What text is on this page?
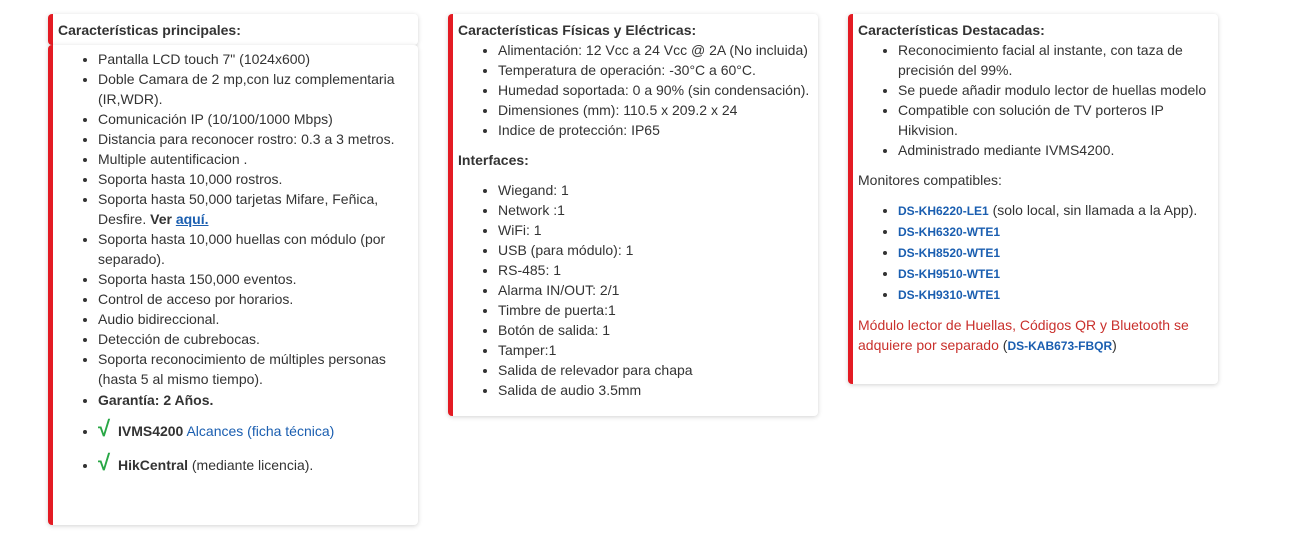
Características principales:
• Pantalla LCD touch 7" (1024x600)
• Doble Camara de 2 mp,con luz complementaria (IR,WDR).
• Comunicación IP (10/100/1000 Mbps)
• Distancia para reconocer rostro: 0.3 a 3 metros.
• Multiple autentificacion .
• Soporta hasta 10,000 rostros.
• Soporta hasta 50,000 tarjetas Mifare, Feñica, Desfire. Ver aquí.
• Soporta hasta 10,000 huellas con módulo (por separado).
• Soporta hasta 150,000 eventos.
• Control de acceso por horarios.
• Audio bidireccional.
• Detección de cubrebocas.
• Soporta reconocimiento de múltiples personas (hasta 5 al mismo tiempo).
• Garantía: 2 Años.
• √ IVMS4200 Alcances (ficha técnica)
• √ HikCentral (mediante licencia).
Características Físicas y Eléctricas:
• Alimentación: 12 Vcc a 24 Vcc @ 2A (No incluida)
• Temperatura de operación: -30°C a 60°C.
• Humedad soportada: 0 a 90% (sin condensación).
• Dimensiones (mm): 110.5 x 209.2 x 24
• Indice de protección: IP65
Interfaces:
• Wiegand: 1
• Network :1
• WiFi: 1
• USB (para módulo): 1
• RS-485: 1
• Alarma IN/OUT: 2/1
• Timbre de puerta:1
• Botón de salida: 1
• Tamper:1
• Salida de relevador para chapa
• Salida de audio 3.5mm
Características Destacadas:
• Reconocimiento facial al instante, con taza de precisión del 99%.
• Se puede añadir modulo lector de huellas modelo
• Compatible con solución de TV porteros IP Hikvision.
• Administrado mediante IVMS4200.

Monitores compatibles:

• DS-KH6220-LE1 (solo local, sin llamada a la App).
• DS-KH6320-WTE1
• DS-KH8520-WTE1
• DS-KH9510-WTE1
• DS-KH9310-WTE1

Módulo lector de Huellas, Códigos QR y Bluetooth se adquiere por separado (DS-KAB673-FBQR)
